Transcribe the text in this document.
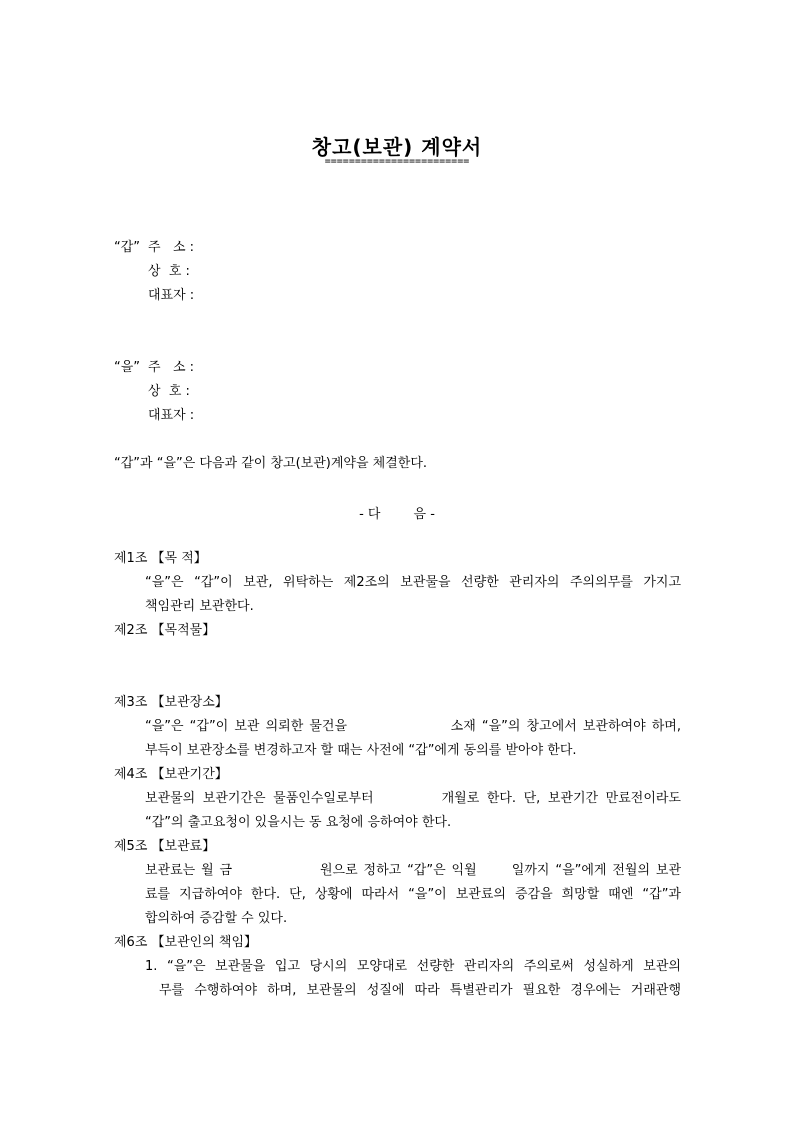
창고(보관) 계약서
========================
“갑” 주   소 :
상  호 :
대표자 :
“을” 주   소 :
상  호 :
대표자 :
“갑”과 “을”은 다음과 같이 창고(보관)계약을 체결한다.
- 다        음 -
제1조 【목 적】
“을”은 “갑”이 보관, 위탁하는 제2조의 보관물을 선량한 관리자의 주의의무를 가지고
책임관리 보관한다.
제2조 【목적물】
제3조 【보관장소】
“을”은 “갑”이 보관 의뢰한 물건을                 소재 “을”의 창고에서 보관하여야 하며,
부득이 보관장소를 변경하고자 할 때는 사전에 “갑”에게 동의를 받아야 한다.
제4조 【보관기간】
보관물의 보관기간은 물품인수일로부터         개월로 한다. 단, 보관기간 만료전이라도
“갑”의 출고요청이 있을시는 동 요청에 응하여야 한다.
제5조 【보관료】
보관료는 월 금               원으로 정하고 “갑”은 익월      일까지 “을”에게 전월의 보관
료를 지급하여야 한다. 단, 상황에 따라서 “을”이 보관료의 증감을 희망할 때엔 “갑”과
합의하여 증감할 수 있다.
제6조 【보관인의 책임】
1. “을”은 보관물을 입고 당시의 모양대로 선량한 관리자의 주의로써 성실하게 보관의
무를 수행하여야 하며, 보관물의 성질에 따라 특별관리가 필요한 경우에는 거래관행
